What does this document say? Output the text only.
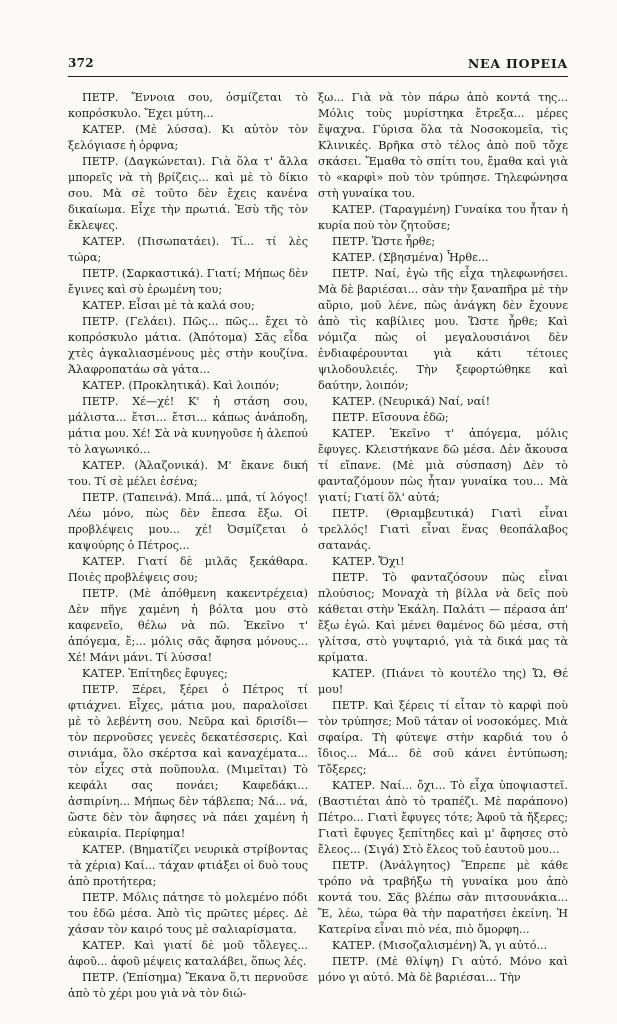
372	ΝΕΑ ΠΟΡΕΙΑ

ΠΕΤΡ. Ἔννοια σου, ὀσμίζεται τὸ κοπρόσκυλο. Ἔχει μύτη...

ΚΑΤΕΡ. (Μὲ λύσσα). Κι αὐτὸν τὸν ξελόγιασε ἡ ὀρφνα;

ΠΕΤΡ. (Δαγκώνεται). Γιὰ ὅλα τ' ἄλλα μπορεῖς νὰ τὴ βρίζεις... καὶ μὲ τὸ δίκιο σου. Μὰ σὲ τοῦτο δὲν ἔχεις κανένα δικαίωμα. Εἶχε τὴν πρωτιά. Ἐσὺ τῆς τὸν ἔκλεψες.

ΚΑΤΕΡ. (Πισωπατάει). Τί... τί λὲς τώρα;

ΠΕΤΡ. (Σαρκαστικά). Γιατί; Μήπως δὲν ἔγινες καὶ σὺ ἐρωμένη του;

ΚΑΤΕΡ. Εἶσαι μὲ τὰ καλά σου;

ΠΕΤΡ. (Γελάει). Πῶς... πῶς... ἔχει τὸ κοπρόσκυλο μάτια. (Ἀπότομα) Σᾶς εἶδα χτὲς ἀγκαλιασμένους μὲς στὴν κουζίνα. Ἀλαφροπατάω σὰ γάτα...

ΚΑΤΕΡ. (Προκλητικά). Καὶ λοιπόν;

ΠΕΤΡ. Χέ—χέ! Κ' ἡ στάση σου, μάλιστα... ἔτσι... ἔτσι... κάπως ἀνάποδη, μάτια μου. Χέ! Σὰ νὰ κυνηγοῦσε ἡ ἀλεπού τὸ λαγωνικό...

ΚΑΤΕΡ. (Ἀλαζονικά). Μ' ἔκανε δική του. Τί σὲ μέλει ἐσένα;

ΠΕΤΡ. (Ταπεινά). Μπά... μπά, τί λόγος! Λέω μόνο, πὼς δὲν ἔπεσα ἔξω. Οἱ προβλέψεις μου... χέ! Ὀσμίζεται ὁ καψούρης ὁ Πέτρος...

ΚΑΤΕΡ. Γιατί δὲ μιλᾶς ξεκάθαρα. Ποιὲς προβλέψεις σου;

ΠΕΤΡ. (Μὲ ἀπόθμενη κακεντρέχεια) Δὲν πῆγε χαμένη ἡ βόλτα μου στὸ καφενεῖο, θέλω νὰ πῶ. Ἐκεῖνο τ' ἀπόγεμα, ἔ;... μόλις σᾶς ἄφησα μόνους... Χέ! Μάνι μάνι. Τί λύσσα!

ΚΑΤΕΡ. Ἐπίτηδες ἔφυγες;

ΠΕΤΡ. Ξέρει, ξέρει ὁ Πέτρος τί φτιάχνει. Εἶχες, μάτια μου, παραλοϊσει μὲ τὸ λεβέντη σου. Νεῦρα καὶ δρισίδι—τὸν περνοῦσες γενεὲς δεκατέσσερις. Καὶ σινιάμα, ὅλο σκέρτσα καὶ καναχέματα... τὸν εἶχες στὰ ποῦπουλα. (Μιμεῖται) Τὸ κεφάλι σας πονάει; Καφεδάκι... ἀσπιρίνη... Μήπως δὲν τάβλεπα; Νά... νά, ὥστε δὲν τὸν ἄφησες νὰ πάει χαμένη ἡ εὐκαιρία. Περίφημα!

ΚΑΤΕΡ. (Βηματίζει νευρικὰ στρίβοντας τὰ χέρια) Καί... τάχαν φτιάξει οἱ δυὸ τους ἀπὸ προτήτερα;

ΠΕΤΡ. Μόλις πάτησε τὸ μολεμένο πόδι του ἐδῶ μέσα. Ἀπὸ τὶς πρῶτες μέρες. Δὲ χάσαν τὸν καιρό τους μὲ σαλιαρίσματα.

ΚΑΤΕΡ. Καὶ γιατί δὲ μοῦ τὄλεγες... ἀφοῦ... ἀφοῦ μέψεις καταλάβει, ὅπως λές.

ΠΕΤΡ. (Ἐπίσημα) Ἔκανα ὅ,τι περνοῦσε ἀπὸ τὸ χέρι μου γιὰ νὰ τὸν διώ-

ξω... Γιὰ νὰ τὸν πάρω ἀπὸ κοντά της... Μόλις τοὺς μυρίστηκα ἔτρεξα... μέρες ἔψαχνα. Γύρισα ὅλα τὰ Νοσοκομεῖα, τὶς Κλινικές. Βρῆκα στὸ τέλος ἀπὸ ποῦ τὄχε σκάσει. Ἔμαθα τὸ σπίτι του, ἔμαθα καὶ γιὰ τὸ «καρφὶ» ποὺ τὸν τρύπησε. Τηλεφώνησα στὴ γυναίκα του.

ΚΑΤΕΡ. (Ταραγμένη) Γυναίκα του ἦταν ἡ κυρία ποὺ τὸν ζητοῦσε;

ΠΕΤΡ. Ὥστε ἦρθε;

ΚΑΤΕΡ. (Σβησμένα) Ἦρθε...

ΠΕΤΡ. Ναί, ἐγὼ τῆς εἶχα τηλεφωνήσει. Μὰ δὲ βαριέσαι... σὰν τὴν ξαναπῆρα μὲ τὴν αὔριο, μοῦ λένε, πὼς ἀνάγκη δὲν ἔχουνε ἀπὸ τὶς καβίλιες μου. Ὥστε ἦρθε; Καὶ νόμιζα πὼς οἱ μεγαλουσιάνοι δὲν ἐνδιαφέρουνται γιὰ κάτι τέτοιες ψιλοδουλειές. Τὴν ξεφορτώθηκε καὶ δαύτην, λοιπόν;

ΚΑΤΕΡ. (Νευρικά) Ναί, ναί!

ΠΕΤΡ. Εἴσουνα ἐδῶ;

ΚΑΤΕΡ. Ἐκεῖνο τ' ἀπόγεμα, μόλις ἔφυγες. Κλειστήκανε δῶ μέσα. Δὲν ἄκουσα τί εἴπανε. (Μὲ μιὰ σύσπαση) Δὲν τὸ φανταζόμουν πὼς ἦταν γυναίκα του... Μὰ γιατί; Γιατί ὅλ' αὐτά;

ΠΕΤΡ. (Θριαμβευτικά) Γιατὶ εἶναι τρελλός! Γιατὶ εἶναι ἕνας θεοπάλαβος σατανάς.

ΚΑΤΕΡ. Ὄχι!

ΠΕΤΡ. Τὸ φανταζόσουν πὼς εἶναι πλούσιος; Μοναχὰ τὴ βίλλα νὰ δεῖς ποὺ κάθεται στὴν Ἑκάλη. Παλάτι — πέρασα ἀπ' ἔξω ἐγώ. Καὶ μένει θαμένος δῶ μέσα, στὴ γλίτσα, στὸ γυψταριό, γιὰ τὰ δικά μας τὰ κρίματα.

ΚΑΤΕΡ. (Πιάνει τὸ κουτέλο της) Ὤ, Θέ μου!

ΠΕΤΡ. Καὶ ξέρεις τί εἶταν τὸ καρφὶ ποὺ τὸν τρύπησε; Μοῦ τάταν οἱ νοσοκόμες. Μιὰ σφαίρα. Τὴ φύτεψε στὴν καρδιά του ὁ ἴδιος... Μά... δὲ σοῦ κάνει ἐντύπωση; Τὄξερες;

ΚΑΤΕΡ. Ναί... ὄχι... Τὸ εἶχα ὑποψιαστεῖ. (Βαστιέται ἀπὸ τὸ τραπέζι. Μὲ παράπονο) Πέτρο... Γιατὶ ἔφυγες τότε; Ἀφοῦ τὰ ἤξερες; Γιατὶ ἔφυγες ξεπίτηδες καὶ μ' ἄφησες στὸ ἔλεος... (Σιγά) Στὸ ἔλεος τοῦ ἑαυτοῦ μου...

ΠΕΤΡ. (Ἀνάλγητος) Ἔπρεπε μὲ κάθε τρόπο νὰ τραβήξω τὴ γυναίκα μου ἀπὸ κοντά του. Σᾶς βλέπω σὰν πιτσουνάκια... Ἔ, λέω, τώρα θὰ τὴν παρατήσει ἐκείνη. Ἡ Κατερίνα εἶναι πιὸ νέα, πιὸ ὄμορφη...

ΚΑΤΕΡ. (Μισοζαλισμένη) Ἄ, γι αὐτό...

ΠΕΤΡ. (Μὲ θλίψη) Γι αὐτό. Μόνο καὶ μόνο γι αὐτό. Μὰ δὲ βαριέσαι... Τὴν
